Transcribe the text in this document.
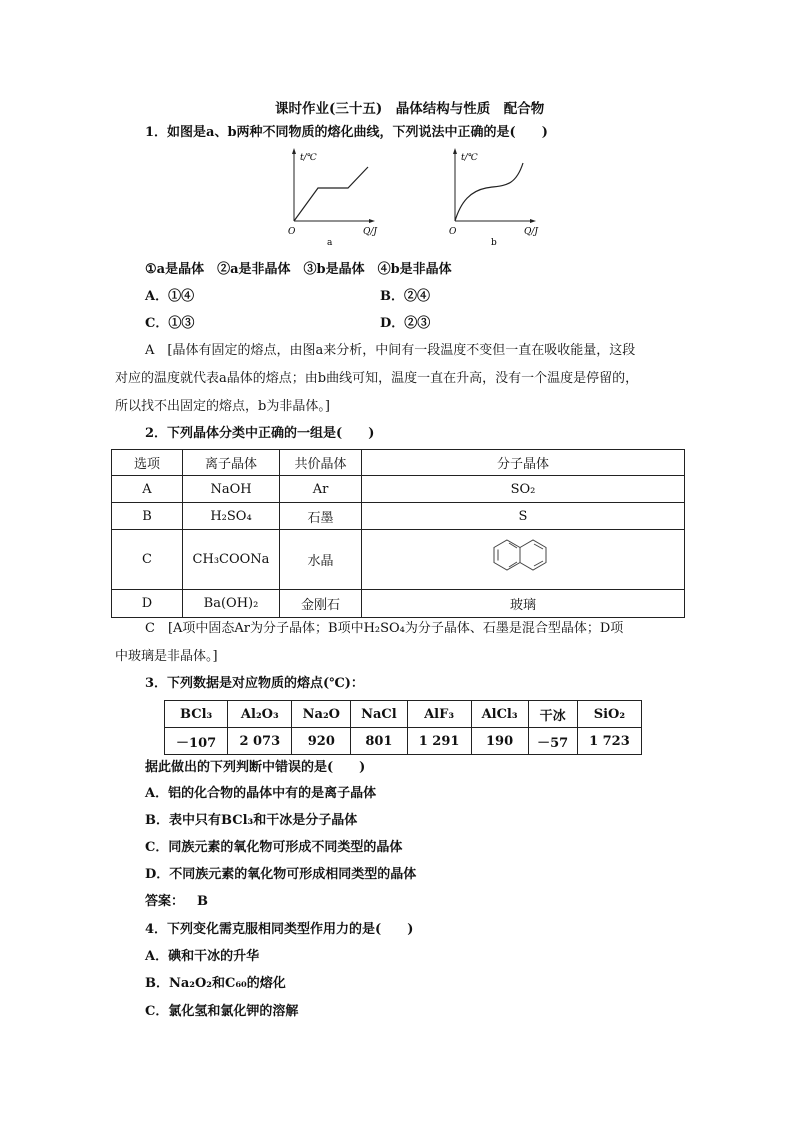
课时作业(三十五)　晶体结构与性质　配合物
1．如图是a、b两种不同物质的熔化曲线，下列说法中正确的是(　　)
t/℃
O	Q/J
a
t/℃
O	Q/J
b
①a是晶体　②a是非晶体　③b是晶体　④b是非晶体
A．①④	B．②④
C．①③	D．②③
A　[晶体有固定的熔点，由图a来分析，中间有一段温度不变但一直在吸收能量，这段
对应的温度就代表a晶体的熔点；由b曲线可知，温度一直在升高，没有一个温度是停留的，
所以找不出固定的熔点，b为非晶体。]
2．下列晶体分类中正确的一组是(　　)
选项	离子晶体	共价晶体	分子晶体
A	NaOH	Ar	SO₂
B	H₂SO₄	石墨	S
C	CH₃COONa	水晶	

D	Ba(OH)₂	金刚石	玻璃
C　[A项中固态Ar为分子晶体；B项中H₂SO₄为分子晶体、石墨是混合型晶体；D项
中玻璃是非晶体。]
3．下列数据是对应物质的熔点(℃)：
BCl₃	Al₂O₃	Na₂O	NaCl	AlF₃	AlCl₃	干冰	SiO₂
－107	2 073	920	801	1 291	190	－57	1 723
据此做出的下列判断中错误的是(　　)
A．铝的化合物的晶体中有的是离子晶体
B．表中只有BCl₃和干冰是分子晶体
C．同族元素的氧化物可形成不同类型的晶体
D．不同族元素的氧化物可形成相同类型的晶体
答案： B
4．下列变化需克服相同类型作用力的是(　　)
A．碘和干冰的升华
B．Na₂O₂和C₆₀的熔化
C．氯化氢和氯化钾的溶解
